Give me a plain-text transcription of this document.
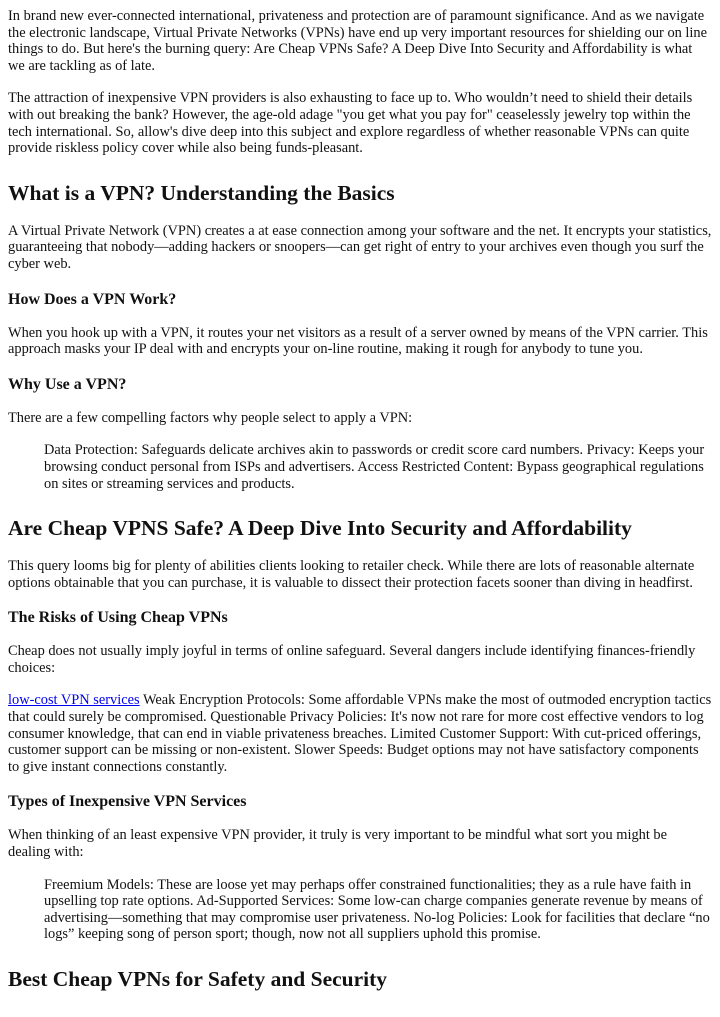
In brand new ever-connected international, privateness and protection are of paramount significance. And as we navigate the electronic landscape, Virtual Private Networks (VPNs) have end up very important resources for shielding our on line things to do. But here's the burning query: Are Cheap VPNs Safe? A Deep Dive Into Security and Affordability is what we are tackling as of late.

The attraction of inexpensive VPN providers is also exhausting to face up to. Who wouldn’t need to shield their details with out breaking the bank? However, the age-old adage "you get what you pay for" ceaselessly jewelry top within the tech international. So, allow's dive deep into this subject and explore regardless of whether reasonable VPNs can quite provide riskless policy cover while also being funds-pleasant.

What is a VPN? Understanding the Basics

A Virtual Private Network (VPN) creates a at ease connection among your software and the net. It encrypts your statistics, guaranteeing that nobody—adding hackers or snoopers—can get right of entry to your archives even though you surf the cyber web.

How Does a VPN Work?

When you hook up with a VPN, it routes your net visitors as a result of a server owned by means of the VPN carrier. This approach masks your IP deal with and encrypts your on-line routine, making it rough for anybody to tune you.

Why Use a VPN?

There are a few compelling factors why people select to apply a VPN:

Data Protection: Safeguards delicate archives akin to passwords or credit score card numbers. Privacy: Keeps your browsing conduct personal from ISPs and advertisers. Access Restricted Content: Bypass geographical regulations on sites or streaming services and products.
Are Cheap VPNS Safe? A Deep Dive Into Security and Affordability

This query looms big for plenty of abilities clients looking to retailer check. While there are lots of reasonable alternate options obtainable that you can purchase, it is valuable to dissect their protection facets sooner than diving in headfirst.

The Risks of Using Cheap VPNs

Cheap does not usually imply joyful in terms of online safeguard. Several dangers include identifying finances-friendly choices:

low-cost VPN services Weak Encryption Protocols: Some affordable VPNs make the most of outmoded encryption tactics that could surely be compromised. Questionable Privacy Policies: It's now not rare for more cost effective vendors to log consumer knowledge, that can end in viable privateness breaches. Limited Customer Support: With cut-priced offerings, customer support can be missing or non-existent. Slower Speeds: Budget options may not have satisfactory components to give instant connections constantly.

Types of Inexpensive VPN Services

When thinking of an least expensive VPN provider, it truly is very important to be mindful what sort you might be dealing with:

Freemium Models: These are loose yet may perhaps offer constrained functionalities; they as a rule have faith in upselling top rate options. Ad-Supported Services: Some low-can charge companies generate revenue by means of advertising—something that may compromise user privateness. No-log Policies: Look for facilities that declare “no logs” keeping song of person sport; though, now not all suppliers uphold this promise.
Best Cheap VPNs for Safety and Security
